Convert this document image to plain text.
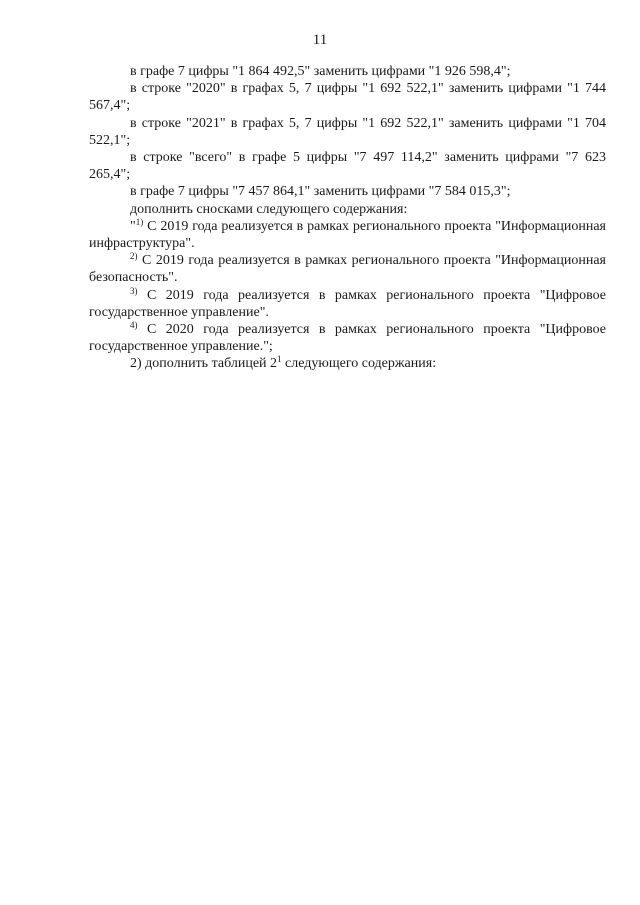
11

в графе 7 цифры "1 864 492,5" заменить цифрами "1 926 598,4";

в строке "2020" в графах 5, 7 цифры "1 692 522,1" заменить цифрами "1 744 567,4";

в строке "2021" в графах 5, 7 цифры "1 692 522,1" заменить цифрами "1 704 522,1";

в строке "всего" в графе 5 цифры "7 497 114,2" заменить цифрами "7 623 265,4";

в графе 7 цифры "7 457 864,1" заменить цифрами "7 584 015,3";

дополнить сносками следующего содержания:

"$^{1)}$ С 2019 года реализуется в рамках регионального проекта "Информационная инфраструктура".

$^{2)}$ С 2019 года реализуется в рамках регионального проекта "Информационная безопасность".

$^{3)}$ С 2019 года реализуется в рамках регионального проекта "Цифровое государственное управление".

$^{4)}$ С 2020 года реализуется в рамках регионального проекта "Цифровое государственное управление.";

2) дополнить таблицей $2^1$ следующего содержания:
